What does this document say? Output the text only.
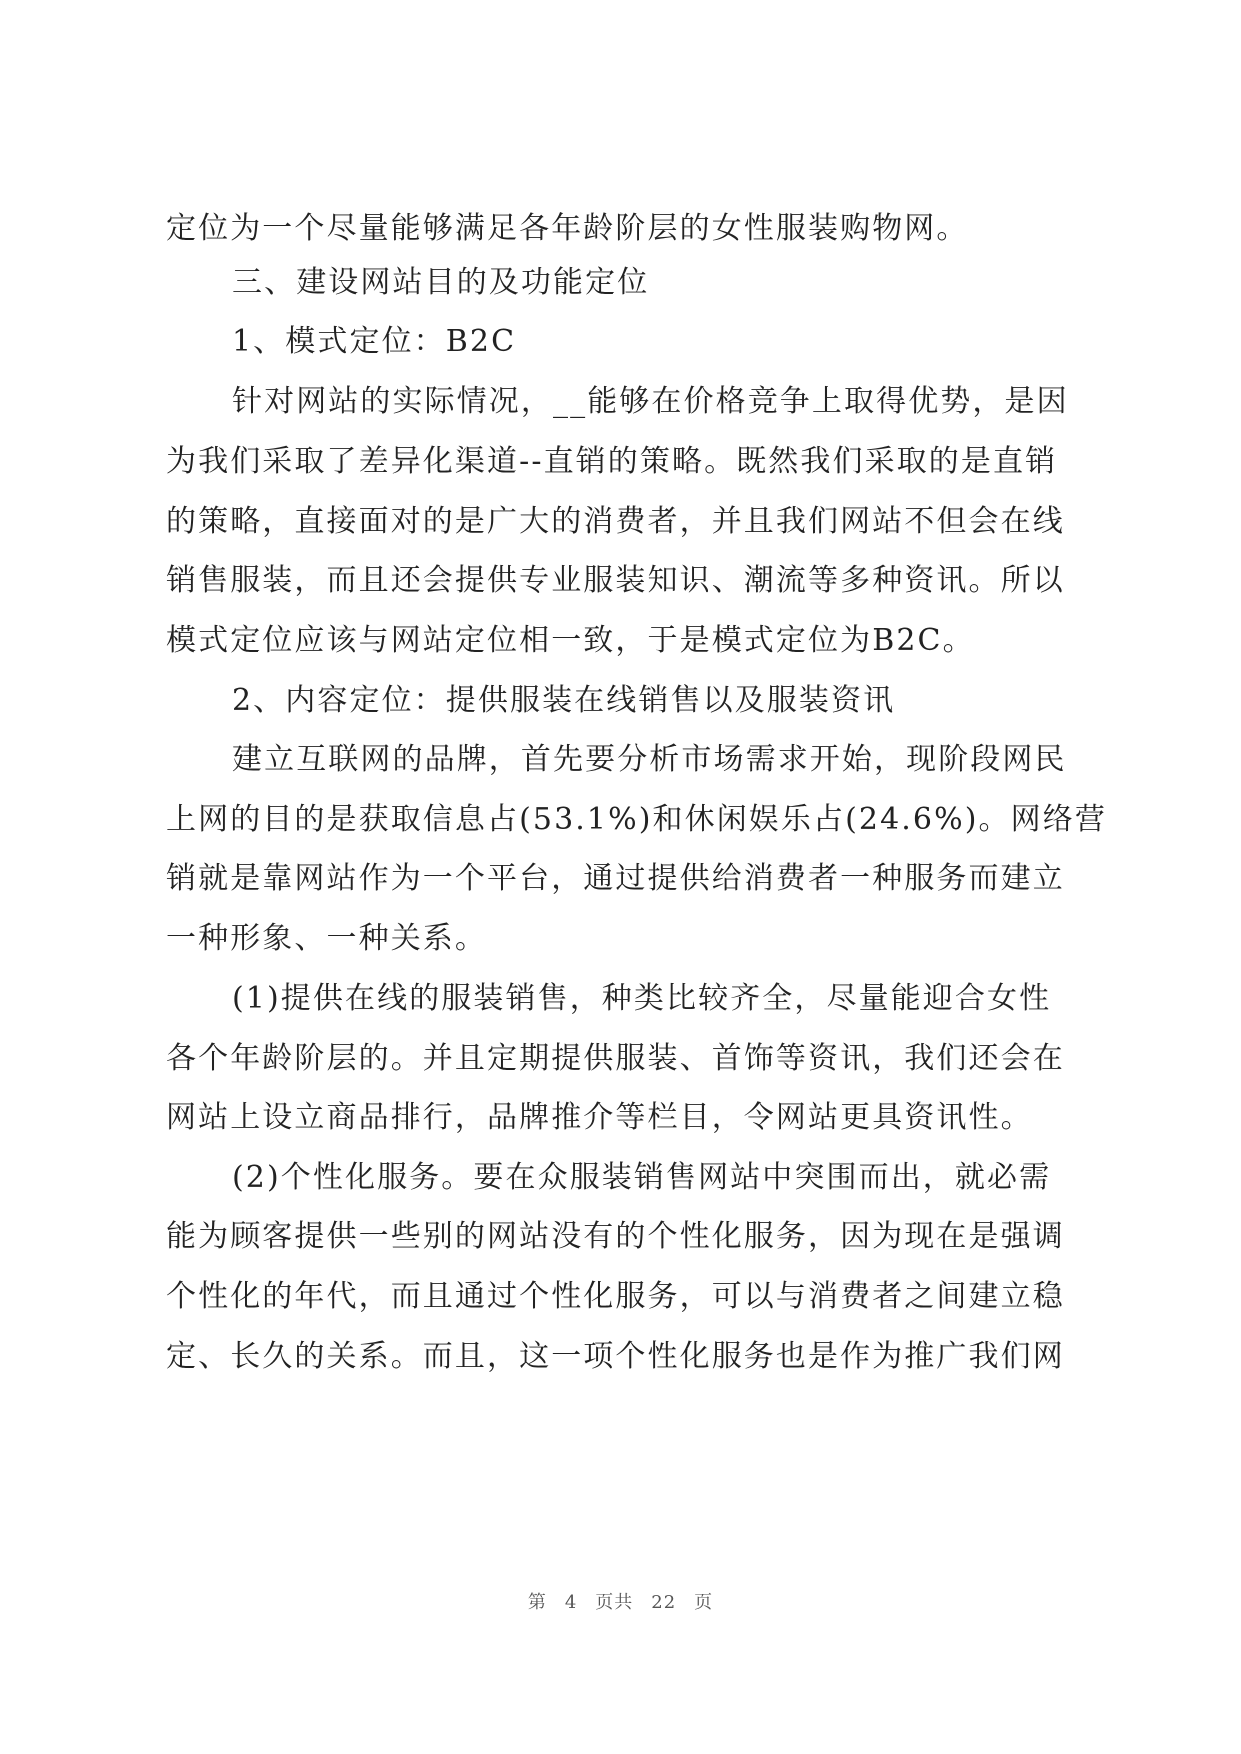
定位为一个尽量能够满足各年龄阶层的女性服装购物网。
三、建设网站目的及功能定位
1、模式定位：B2C
针对网站的实际情况，__能够在价格竞争上取得优势，是因
为我们采取了差异化渠道--直销的策略。既然我们采取的是直销
的策略，直接面对的是广大的消费者，并且我们网站不但会在线
销售服装，而且还会提供专业服装知识、潮流等多种资讯。所以
模式定位应该与网站定位相一致，于是模式定位为B2C。
2、内容定位：提供服装在线销售以及服装资讯
建立互联网的品牌，首先要分析市场需求开始，现阶段网民
上网的目的是获取信息占(53.1%)和休闲娱乐占(24.6%)。网络营
销就是靠网站作为一个平台，通过提供给消费者一种服务而建立
一种形象、一种关系。
(1)提供在线的服装销售，种类比较齐全，尽量能迎合女性
各个年龄阶层的。并且定期提供服装、首饰等资讯，我们还会在
网站上设立商品排行，品牌推介等栏目，令网站更具资讯性。
(2)个性化服务。要在众服装销售网站中突围而出，就必需
能为顾客提供一些别的网站没有的个性化服务，因为现在是强调
个性化的年代，而且通过个性化服务，可以与消费者之间建立稳
定、长久的关系。而且，这一项个性化服务也是作为推广我们网
第 4 页共 22 页
